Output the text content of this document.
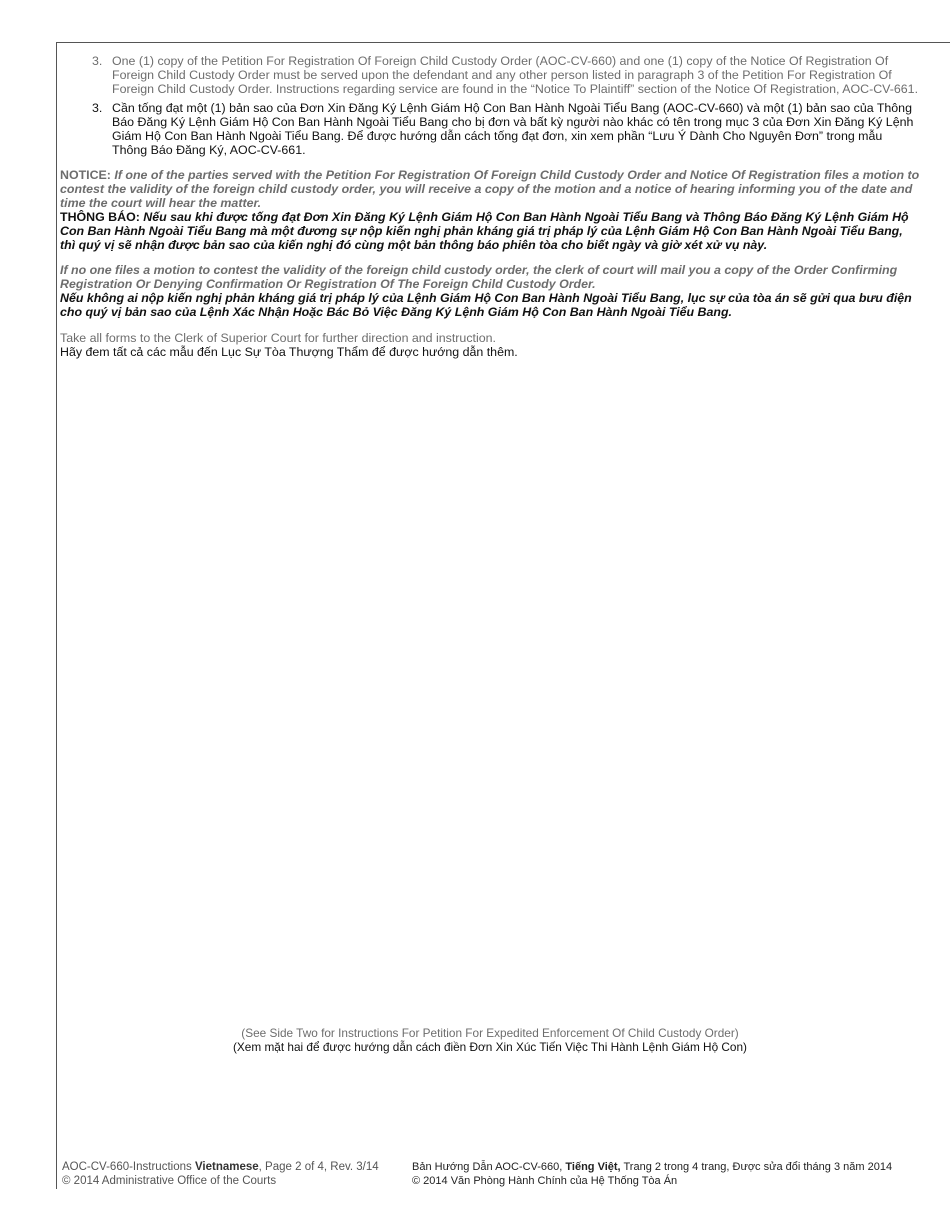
3. One (1) copy of the Petition For Registration Of Foreign Child Custody Order (AOC-CV-660) and one (1) copy of the Notice Of Registration Of Foreign Child Custody Order must be served upon the defendant and any other person listed in paragraph 3 of the Petition For Registration Of Foreign Child Custody Order. Instructions regarding service are found in the “Notice To Plaintiff” section of the Notice Of Registration, AOC-CV-661.
3. Cần tống đạt một (1) bản sao của Đơn Xin Đăng Ký Lệnh Giám Hộ Con Ban Hành Ngoài Tiểu Bang (AOC-CV-660) và một (1) bản sao của Thông Báo Đăng Ký Lệnh Giám Hộ Con Ban Hành Ngoài Tiểu Bang cho bị đơn và bất kỳ người nào khác có tên trong mục 3 của Đơn Xin Đăng Ký Lệnh Giám Hộ Con Ban Hành Ngoài Tiểu Bang. Để được hướng dẫn cách tống đạt đơn, xin xem phần “Lưu Ý Dành Cho Nguyên Đơn” trong mẫu Thông Báo Đăng Ký, AOC-CV-661.
NOTICE: If one of the parties served with the Petition For Registration Of Foreign Child Custody Order and Notice Of Registration files a motion to contest the validity of the foreign child custody order, you will receive a copy of the motion and a notice of hearing informing you of the date and time the court will hear the matter.
THÔNG BÁO: Nếu sau khi được tống đạt Đơn Xin Đăng Ký Lệnh Giám Hộ Con Ban Hành Ngoài Tiểu Bang và Thông Báo Đăng Ký Lệnh Giám Hộ Con Ban Hành Ngoài Tiểu Bang mà một đương sự nộp kiến nghị phản kháng giá trị pháp lý của Lệnh Giám Hộ Con Ban Hành Ngoài Tiểu Bang, thì quý vị sẽ nhận được bản sao của kiến nghị đó cùng một bản thông báo phiên tòa cho biết ngày và giờ xét xử vụ này.
If no one files a motion to contest the validity of the foreign child custody order, the clerk of court will mail you a copy of the Order Confirming Registration Or Denying Confirmation Or Registration Of The Foreign Child Custody Order.
Nếu không ai nộp kiến nghị phản kháng giá trị pháp lý của Lệnh Giám Hộ Con Ban Hành Ngoài Tiểu Bang, lục sự của tòa án sẽ gửi qua bưu điện cho quý vị bản sao của Lệnh Xác Nhận Hoặc Bác Bỏ Việc Đăng Ký Lệnh Giám Hộ Con Ban Hành Ngoài Tiểu Bang.
Take all forms to the Clerk of Superior Court for further direction and instruction.
Hãy đem tất cả các mẫu đến Lục Sự Tòa Thượng Thẩm để được hướng dẫn thêm.
(See Side Two for Instructions For Petition For Expedited Enforcement Of Child Custody Order)
(Xem mặt hai để được hướng dẫn cách điền Đơn Xin Xúc Tiến Việc Thi Hành Lệnh Giám Hộ Con)
AOC-CV-660-Instructions Vietnamese, Page 2 of 4, Rev. 3/14
© 2014 Administrative Office of the Courts
Bản Hướng Dẫn AOC-CV-660, Tiếng Việt, Trang 2 trong 4 trang, Được sửa đổi tháng 3 năm 2014
© 2014 Văn Phòng Hành Chính của Hệ Thống Tòa Án
